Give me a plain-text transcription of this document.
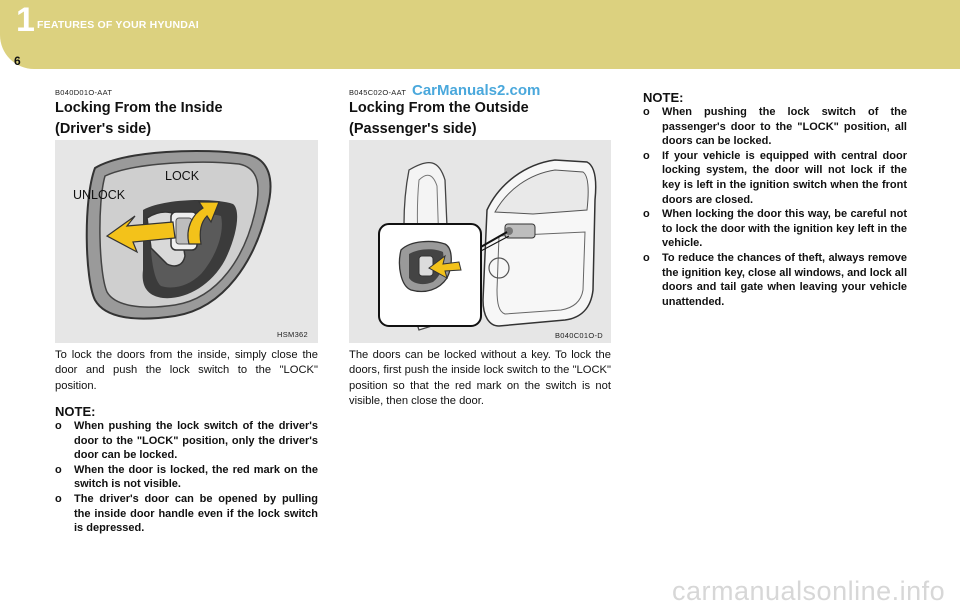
1 FEATURES OF YOUR HYUNDAI
6
B040D01O-AAT
Locking From the Inside
(Driver's side)
LOCK
UNLOCK
HSM362
To lock the doors from the inside, simply close the door and push the lock switch to the "LOCK" position.
NOTE:
o When pushing the lock switch of the driver's door to the "LOCK" position, only the driver's door can be locked.
o When the door is locked, the red mark on the switch is not visible.
o The driver's door can be opened by pulling the inside door handle even if the lock switch is depressed.
B045C02O-AAT CarManuals2.com
Locking From the Outside
(Passenger's side)
B040C01O-D
The doors can be locked without a key. To lock the doors, first push the inside lock switch to the "LOCK" position so that the red mark on the switch is not visible, then close the door.
NOTE:
o When pushing the lock switch of the passenger's door to the "LOCK" position, all doors can be locked.
o If your vehicle is equipped with central door locking system, the door will not lock if the key is left in the ignition switch when the front doors are closed.
o When locking the door this way, be careful not to lock the door with the ignition key left in the vehicle.
o To reduce the chances of theft, always remove the ignition key, close all windows, and lock all doors and tail gate when leaving your vehicle unattended.
carmanualsonline.info
